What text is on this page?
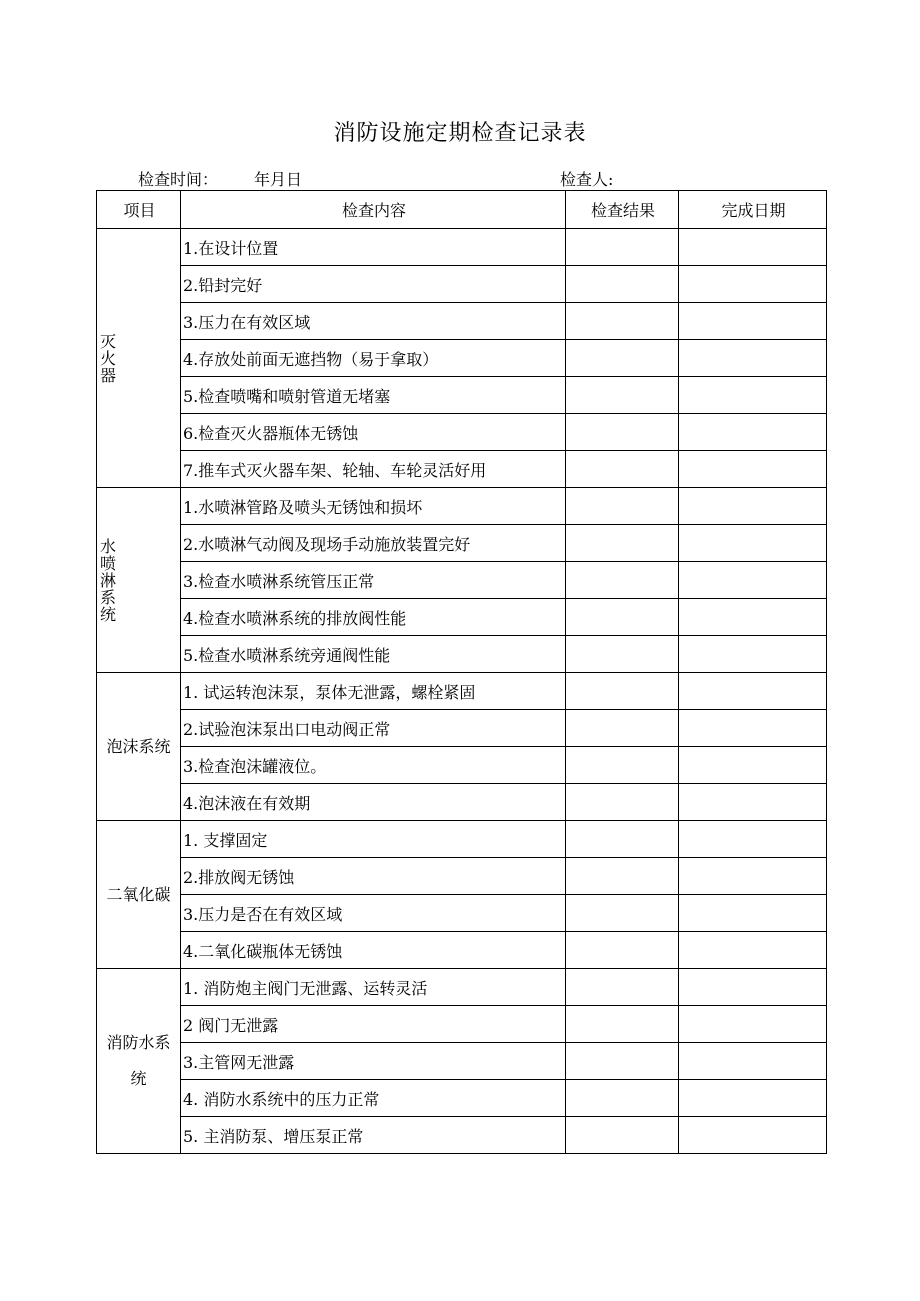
消防设施定期检查记录表
检查时间： 年月日	检查人:
项目	检查内容	检查结果	完成日期

灭火器	1.在设计位置		
	2.铅封完好		
	3.压力在有效区域		
	4.存放处前面无遮挡物（易于拿取）		
	5.检查喷嘴和喷射管道无堵塞		
	6.检查灭火器瓶体无锈蚀		
	7.推车式灭火器车架、轮轴、车轮灵活好用		

水喷淋系统	1.水喷淋管路及喷头无锈蚀和损坏		
	2.水喷淋气动阀及现场手动施放装置完好		
	3.检查水喷淋系统管压正常		
	4.检查水喷淋系统的排放阀性能		
	5.检查水喷淋系统旁通阀性能		
泡沫系统	1. 试运转泡沫泵，泵体无泄露，螺栓紧固		
	2.试验泡沫泵出口电动阀正常		
	3.检查泡沫罐液位。		
	4.泡沫液在有效期		
二氧化碳	1. 支撑固定		
	2.排放阀无锈蚀		
	3.压力是否在有效区域		
	4.二氧化碳瓶体无锈蚀		
消防水系统	1. 消防炮主阀门无泄露、运转灵活		
	2 阀门无泄露		
	3.主管网无泄露		
	4. 消防水系统中的压力正常		
	5. 主消防泵、增压泵正常		
